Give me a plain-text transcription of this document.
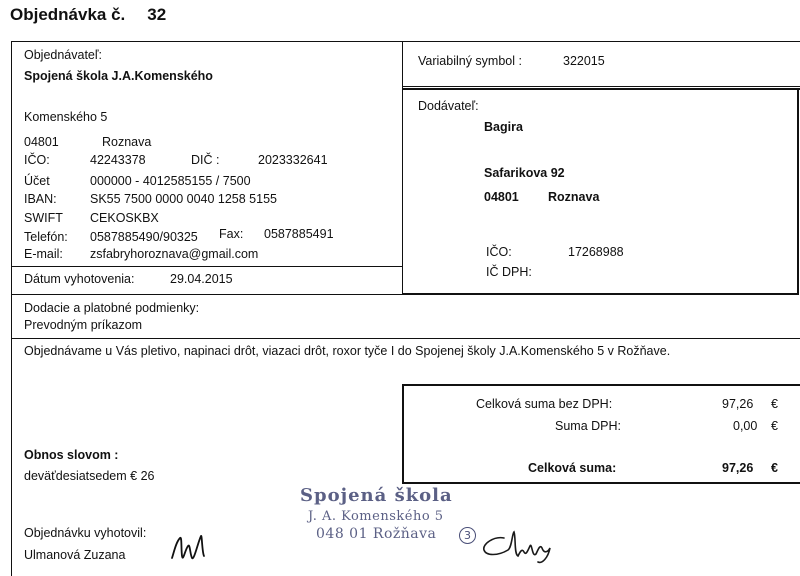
Objednávka č. 32
Objednávateľ:
Spojená škola J.A.Komenského
Komenského 5
04801	Roznava
IČO:	42243378	DIČ :	2023332641
Účet	000000 - 4012585155 / 7500
IBAN:	SK55 7500 0000 0040 1258 5155
SWIFT CEKOSKBX
Telefón: 0587885490/90325 Fax: 0587885491
E-mail: zsfabryhoroznava@gmail.com
Dátum vyhotovenia:	29.04.2015
Variabilný symbol :	322015
Dodávateľ:
Bagira
Safarikova 92
04801 Roznava
IČO:	17268988
IČ DPH:
Dodacie a platobné podmienky:
Prevodným príkazom
Objednávame u Vás pletivo, napinaci drôt, viazaci drôt, roxor tyče I do Spojenej školy J.A.Komenského 5 v Rožňave.
Celková suma bez DPH:	97,26 €
Suma DPH:	0,00 €
Celková suma:	97,26 €
Obnos slovom :
deväťdesiatsedem € 26
Objednávku vyhotovil:
Ulmanová Zuzana
Spojená škola
J. A. Komenského 5
048 01 Rožňava	3
